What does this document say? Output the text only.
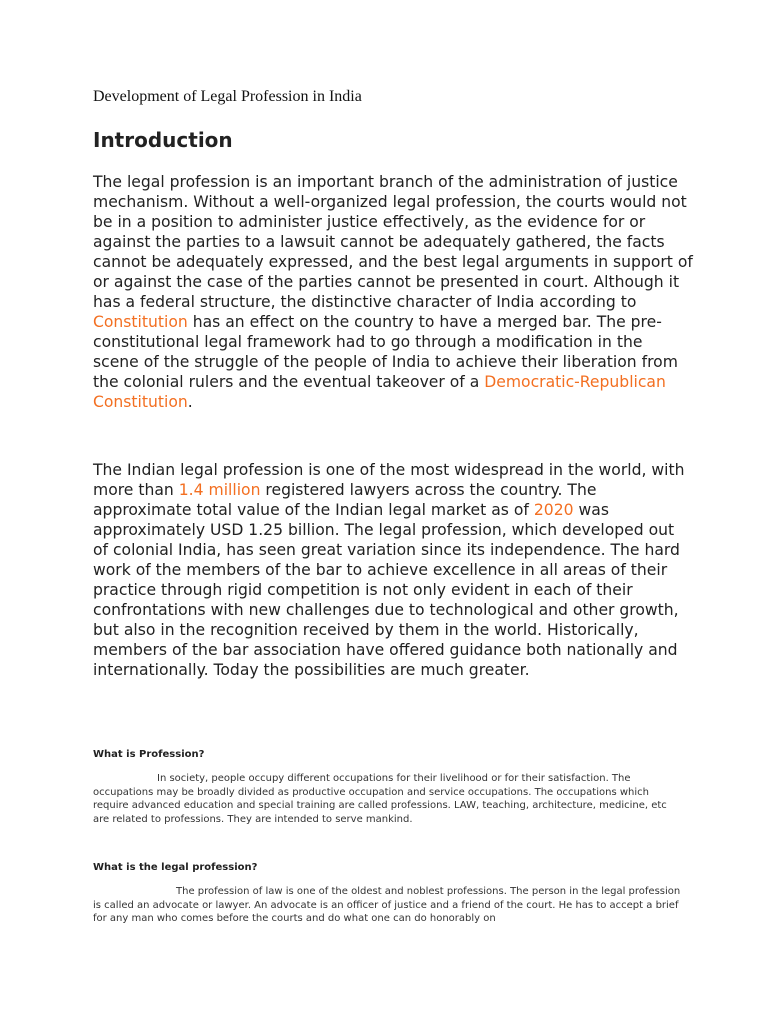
Development of Legal Profession in India
Introduction

The legal profession is an important branch of the administration of justice mechanism. Without a well-organized legal profession, the courts would not be in a position to administer justice effectively, as the evidence for or against the parties to a lawsuit cannot be adequately gathered, the facts cannot be adequately expressed, and the best legal arguments in support of or against the case of the parties cannot be presented in court. Although it has a federal structure, the distinctive character of India according to Constitution has an effect on the country to have a merged bar. The pre-constitutional legal framework had to go through a modification in the scene of the struggle of the people of India to achieve their liberation from the colonial rulers and the eventual takeover of a Democratic-Republican Constitution.

The Indian legal profession is one of the most widespread in the world, with more than 1.4 million registered lawyers across the country. The approximate total value of the Indian legal market as of 2020 was approximately USD 1.25 billion. The legal profession, which developed out of colonial India, has seen great variation since its independence. The hard work of the members of the bar to achieve excellence in all areas of their practice through rigid competition is not only evident in each of their confrontations with new challenges due to technological and other growth, but also in the recognition received by them in the world. Historically, members of the bar association have offered guidance both nationally and internationally. Today the possibilities are much greater.

What is Profession?

In society, people occupy different occupations for their livelihood or for their satisfaction. The occupations may be broadly divided as productive occupation and service occupations. The occupations which require advanced education and special training are called professions. LAW, teaching, architecture, medicine, etc are related to professions. They are intended to serve mankind.

What is the legal profession?

The profession of law is one of the oldest and noblest professions. The person in the legal profession is called an advocate or lawyer. An advocate is an officer of justice and a friend of the court. He has to accept a brief for any man who comes before the courts and do what one can do honorably on
